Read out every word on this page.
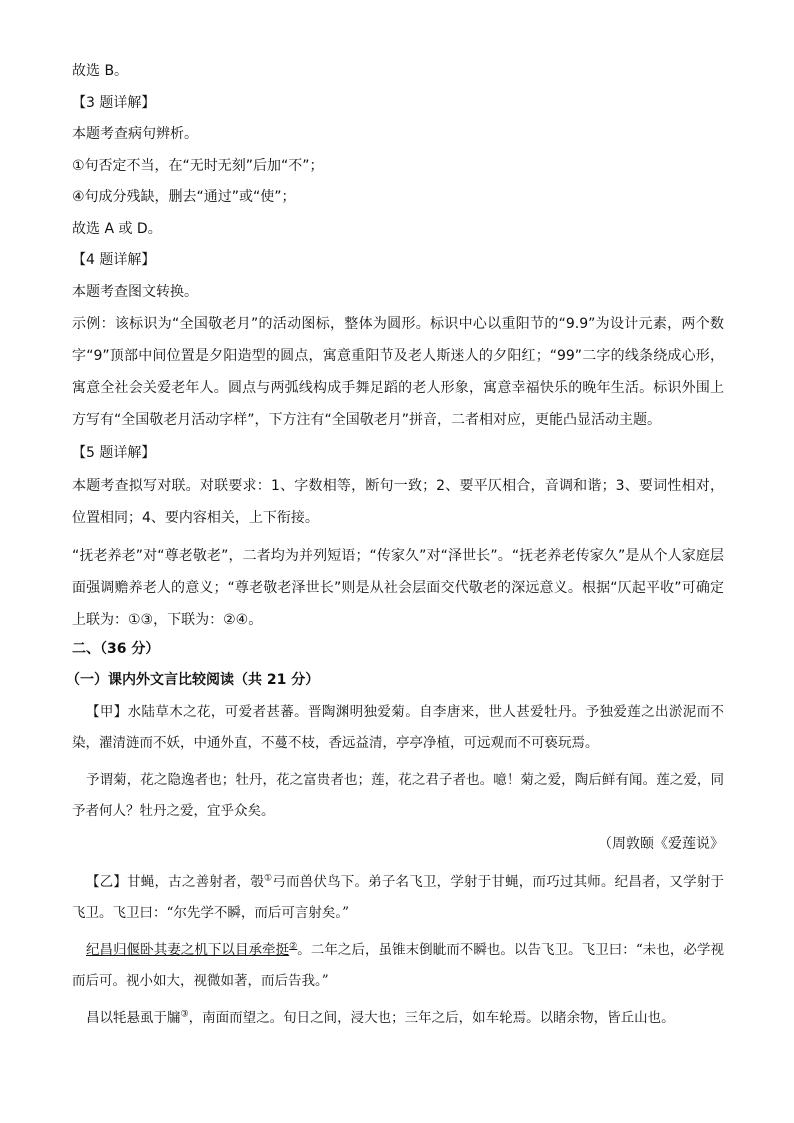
故选 B。

【3 题详解】

本题考查病句辨析。

①句否定不当，在“无时无刻”后加“不”；

④句成分残缺，删去“通过”或“使”；

故选 A 或 D。

【4 题详解】

本题考查图文转换。

示例：该标识为“全国敬老月”的活动图标，整体为圆形。标识中心以重阳节的“9.9”为设计元素，两个数字“9”顶部中间位置是夕阳造型的圆点，寓意重阳节及老人斯迷人的夕阳红；“99”二字的线条绕成心形，寓意全社会关爱老年人。圆点与两弧线构成手舞足蹈的老人形象，寓意幸福快乐的晚年生活。标识外围上方写有“全国敬老月活动字样”，下方注有“全国敬老月”拼音，二者相对应，更能凸显活动主题。

【5 题详解】

本题考查拟写对联。对联要求：1、字数相等，断句一致；2、要平仄相合，音调和谐；3、要词性相对，位置相同；4、要内容相关，上下衔接。

“抚老养老”对“尊老敬老”，二者均为并列短语；“传家久”对“泽世长”。“抚老养老传家久”是从个人家庭层面强调赡养老人的意义；“尊老敬老泽世长”则是从社会层面交代敬老的深远意义。根据“仄起平收”可确定上联为：①③，下联为：②④。

二、（36 分）

（一）课内外文言比较阅读（共 21 分）

【甲】水陆草木之花，可爱者甚蕃。晋陶渊明独爱菊。自李唐来，世人甚爱牡丹。予独爱莲之出淤泥而不染，濯清涟而不妖，中通外直，不蔓不枝，香远益清，亭亭净植，可远观而不可亵玩焉。

予谓菊，花之隐逸者也；牡丹，花之富贵者也；莲，花之君子者也。噫！菊之爱，陶后鲜有闻。莲之爱，同予者何人？牡丹之爱，宜乎众矣。

（周敦颐《爱莲说》

【乙】甘蝇，古之善射者，彀①弓而兽伏鸟下。弟子名飞卫，学射于甘蝇，而巧过其师。纪昌者，又学射于飞卫。飞卫曰：“尔先学不瞬，而后可言射矣。”

纪昌归偃卧其妻之机下以目承牵挺②。二年之后，虽锥末倒眦而不瞬也。以告飞卫。飞卫曰：“未也，必学视而后可。视小如大，视微如著，而后告我。”

昌以牦悬虱于牖③，南面而望之。旬日之间，浸大也；三年之后，如车轮焉。以睹余物，皆丘山也。
